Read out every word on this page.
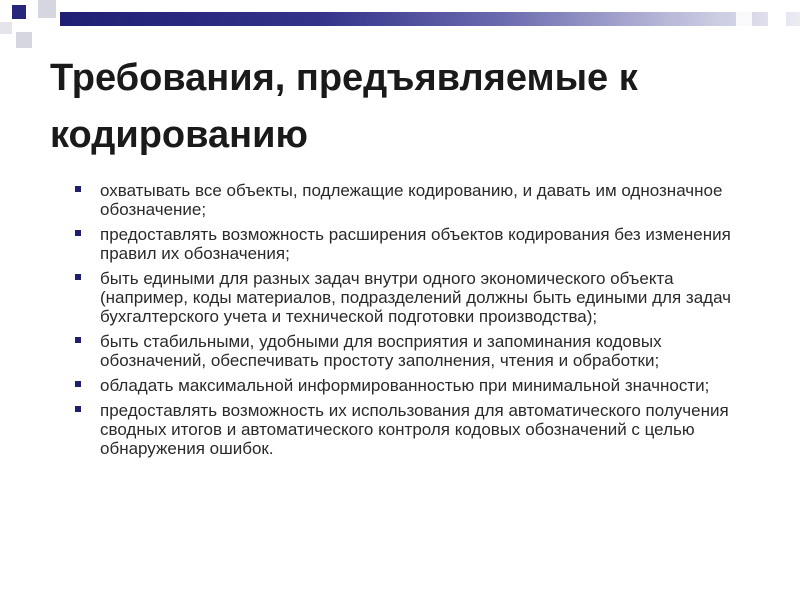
Требования, предъявляемые к кодированию
охватывать все объекты, подлежащие кодированию, и давать им однозначное обозначение;
предоставлять возможность расширения объектов кодирования без изменения правил их обозначения;
быть едиными для разных задач внутри одного экономического объекта (например, коды материалов, подразделений должны быть едиными для задач бухгалтерского учета и технической подготовки производства);
быть стабильными, удобными для восприятия и запоминания кодовых обозначений, обеспечивать простоту заполнения, чтения и обработки;
обладать максимальной информированностью при минимальной значности;
предоставлять возможность их использования для автоматического получения сводных итогов и автоматического контроля кодовых обозначений с целью обнаружения ошибок.
